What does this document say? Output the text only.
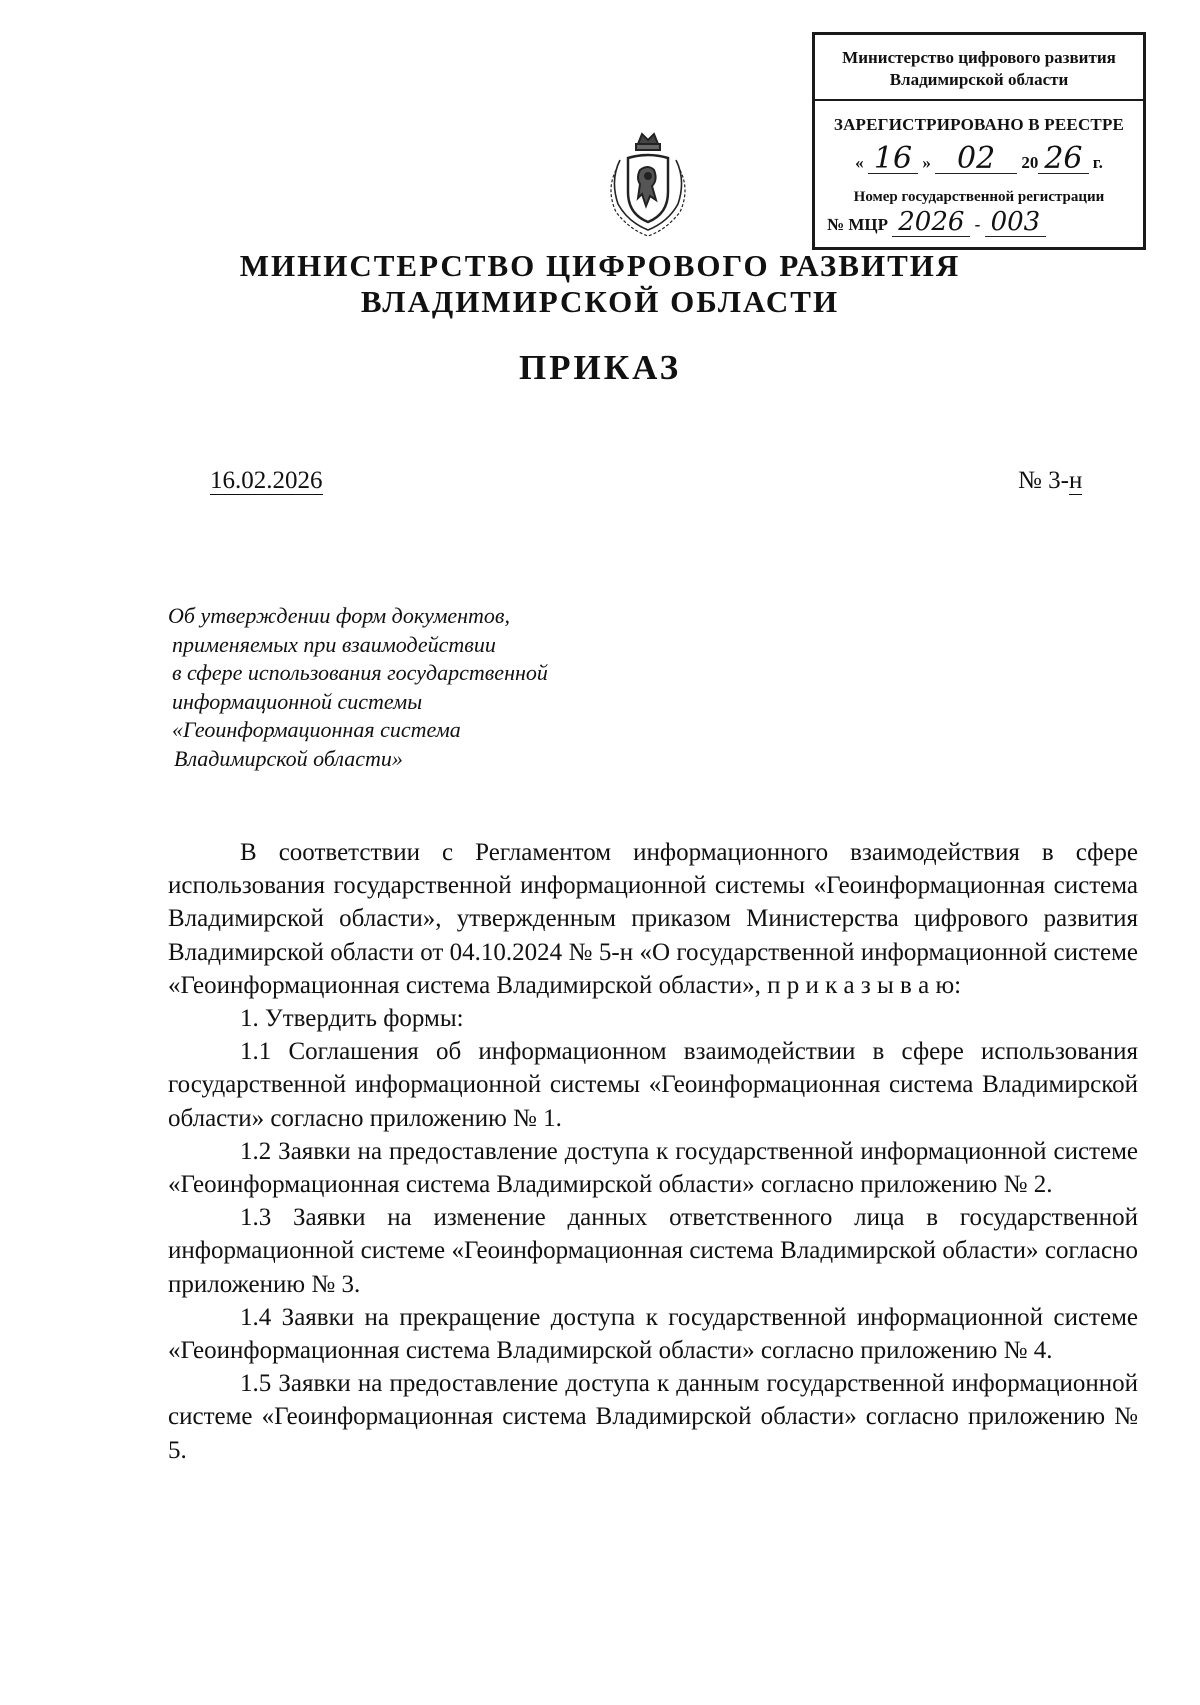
Министерство цифрового развития
Владимирской области
ЗАРЕГИСТРИРОВАНО В РЕЕСТРЕ
« 16 » 02 20 26 г.
Номер государственной регистрации
№ МЦР 2026 - 003
МИНИСТЕРСТВО ЦИФРОВОГО РАЗВИТИЯ
ВЛАДИМИРСКОЙ ОБЛАСТИ
ПРИКАЗ
16.02.2026	№ 3-н
Об утверждении форм документов,
применяемых при взаимодействии
в сфере использования государственной
информационной системы
«Геоинформационная система
Владимирской области»

В соответствии с Регламентом информационного взаимодействия в сфере использования государственной информационной системы «Геоинформационная система Владимирской области», утвержденным приказом Министерства цифрового развития Владимирской области от 04.10.2024 № 5-н «О государственной информационной системе «Геоинформационная система Владимирской области», п р и к а з ы в а ю:

1. Утвердить формы:

1.1 Соглашения об информационном взаимодействии в сфере использования государственной информационной системы «Геоинформационная система Владимирской области» согласно приложению № 1.

1.2 Заявки на предоставление доступа к государственной информационной системе «Геоинформационная система Владимирской области» согласно приложению № 2.

1.3 Заявки на изменение данных ответственного лица в государственной информационной системе «Геоинформационная система Владимирской области» согласно приложению № 3.

1.4 Заявки на прекращение доступа к государственной информационной системе «Геоинформационная система Владимирской области» согласно приложению № 4.

1.5 Заявки на предоставление доступа к данным государственной информационной системе «Геоинформационная система Владимирской области» согласно приложению № 5.
